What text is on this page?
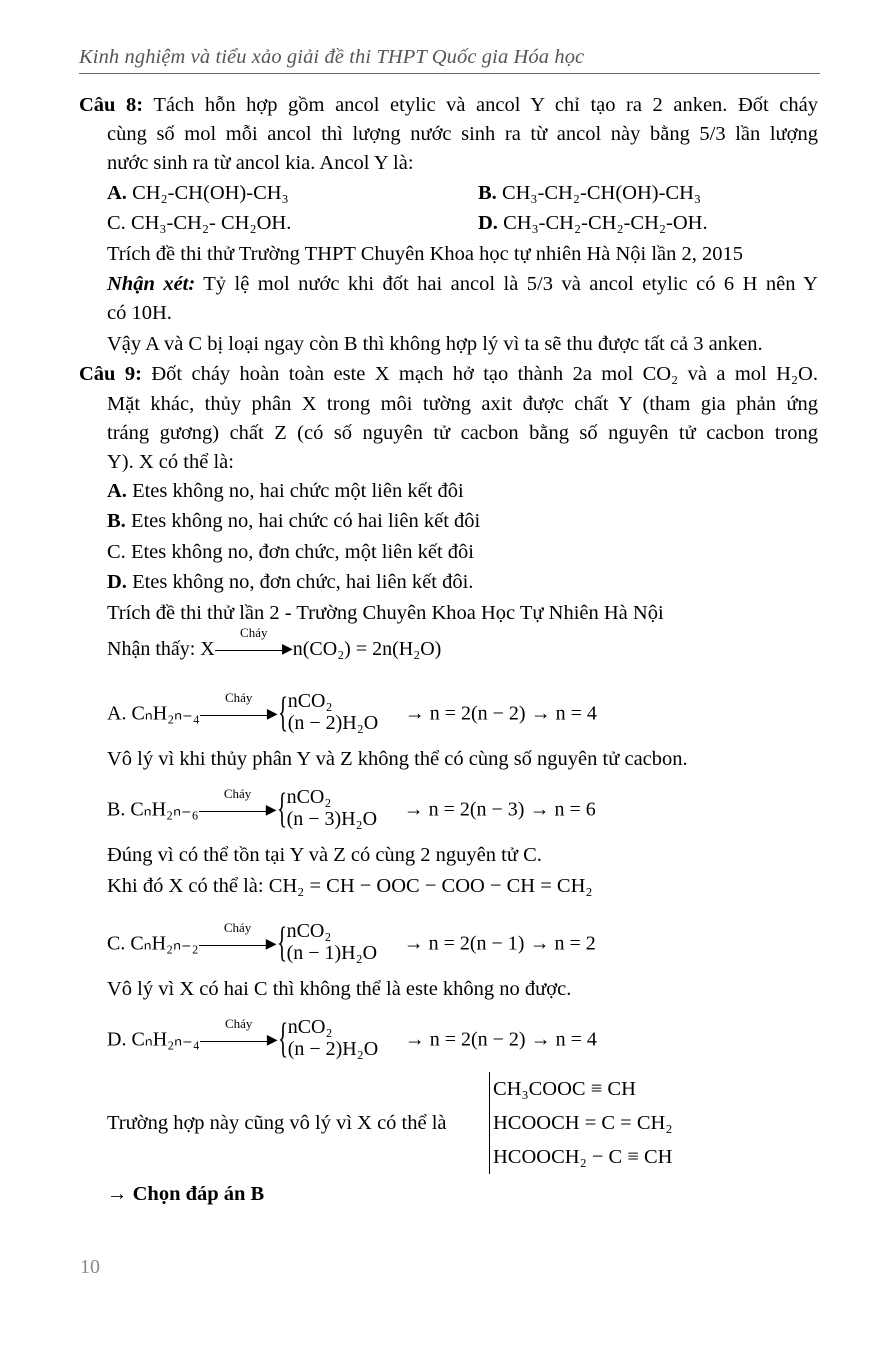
Kinh nghiệm và tiểu xảo giải đề thi THPT Quốc gia Hóa học
Câu 8: Tách hỗn hợp gồm ancol etylic và ancol Y chỉ tạo ra 2 anken. Đốt cháy
cùng số mol mỗi ancol thì lượng nước sinh ra từ ancol này bằng 5/3 lần lượng
nước sinh ra từ ancol kia. Ancol Y là:
A. CH₂-CH(OH)-CH₃	B. CH₃-CH₂-CH(OH)-CH₃
C. CH₃-CH₂- CH₂OH.	D. CH₃-CH₂-CH₂-CH₂-OH.
Trích đề thi thử Trường THPT Chuyên Khoa học tự nhiên Hà Nội lần 2, 2015
Nhận xét: Tỷ lệ mol nước khi đốt hai ancol là 5/3 và ancol etylic có 6 H nên Y
có 10H.
Vậy A và C bị loại ngay còn B thì không hợp lý vì ta sẽ thu được tất cả 3 anken.
Câu 9: Đốt cháy hoàn toàn este X mạch hở tạo thành 2a mol CO₂ và a mol H₂O.
Mặt khác, thủy phân X trong môi tường axit được chất Y (tham gia phản ứng
tráng gương) chất Z (có số nguyên tử cacbon bằng số nguyên tử cacbon trong
Y). X có thể là:
A. Etes không no, hai chức một liên kết đôi
B. Etes không no, hai chức có hai liên kết đôi
C. Etes không no, đơn chức, một liên kết đôi
D. Etes không no, đơn chức, hai liên kết đôi.
Trích đề thi thử lần 2 - Trường Chuyên Khoa Học Tự Nhiên Hà Nội
Nhận thấy: X
Cháy
▶ n(CO₂) = 2n(H₂O)
A. CₙH₂ₙ₋₄
Cháy
▶ { nCO₂
(n − 2)H₂O → n = 2(n − 2) → n = 4
Vô lý vì khi thủy phân Y và Z không thể có cùng số nguyên tử cacbon.
B. CₙH₂ₙ₋₆
Cháy
▶ { nCO₂
(n − 3)H₂O → n = 2(n − 3) → n = 6
Đúng vì có thể tồn tại Y và Z có cùng 2 nguyên tử C.
Khi đó X có thể là: CH₂ = CH − OOC − COO − CH = CH₂
C. CₙH₂ₙ₋₂
Cháy
▶ { nCO₂
(n − 1)H₂O → n = 2(n − 1) → n = 2
Vô lý vì X có hai C thì không thể là este không no được.
D. CₙH₂ₙ₋₄
Cháy
▶ { nCO₂
(n − 2)H₂O → n = 2(n − 2) → n = 4
Trường hợp này cũng vô lý vì X có thể là
CH₃COOC ≡ CH
HCOOCH = C = CH₂
HCOOCH₂ − C ≡ CH
→ Chọn đáp án B
10
